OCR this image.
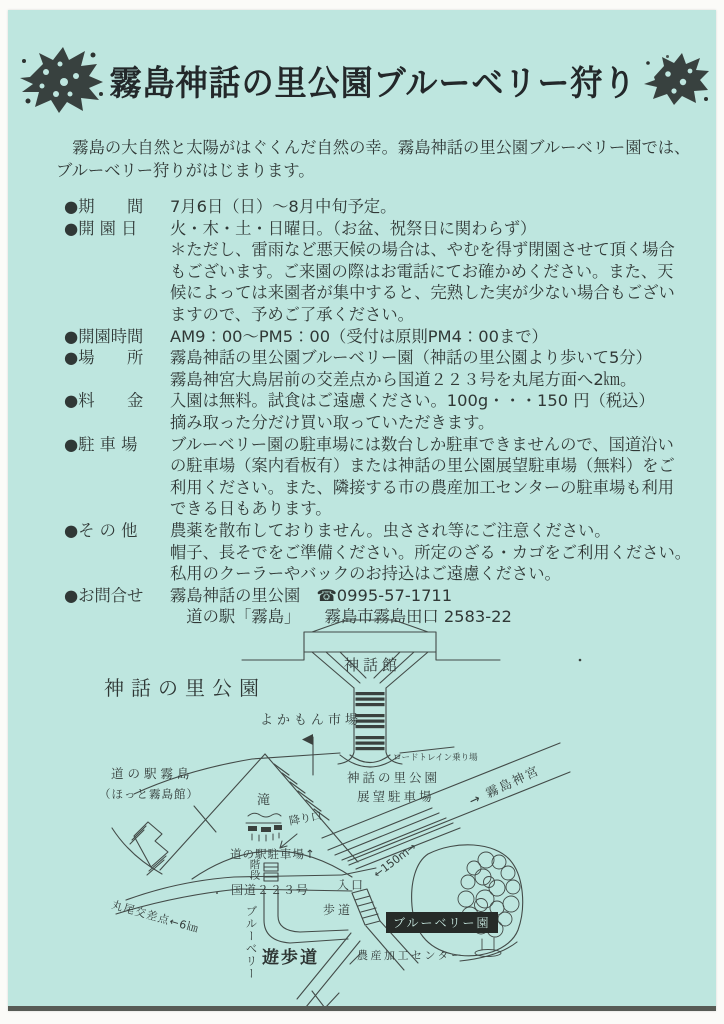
霧島神話の里公園ブルーベリー狩り
　霧島の大自然と太陽がはぐくんだ自然の幸。霧島神話の里公園ブルーベリー園では、
ブルーベリー狩りがはじまります。
●期　　間	7月6日（日）～8月中旬予定。
●開 園 日	火・木・土・日曜日。（お盆、祝祭日に関わらず）
＊ただし、雷雨など悪天候の場合は、やむを得ず閉園させて頂く場合
もございます。ご来園の際はお電話にてお確かめください。また、天
候によっては来園者が集中すると、完熟した実が少ない場合もござい
ますので、予めご了承ください。
●開園時間	AM9：00～PM5：00（受付は原則PM4：00まで）
●場　　所	霧島神話の里公園ブルーベリー園（神話の里公園より歩いて5分）
霧島神宮大鳥居前の交差点から国道２２３号を丸尾方面へ2㎞。
●料　　金	入園は無料。試食はご遠慮ください。100g・・・150 円（税込）
摘み取った分だけ買い取っていただきます。
●駐 車 場	ブルーベリー園の駐車場には数台しか駐車できませんので、国道沿い
の駐車場（案内看板有）または神話の里公園展望駐車場（無料）をご
利用ください。また、隣接する市の農産加工センターの駐車場も利用
できる日もあります。
●そ の 他	農薬を散布しておりません。虫さされ等にご注意ください。
帽子、長そでをご準備ください。所定のざる・カゴをご利用ください。
私用のクーラーやバックのお持込はご遠慮ください。
●お問合せ	霧島神話の里公園　☎0995-57-1711
　道の駅「霧島」　　霧島市霧島田口 2583-22
神話館
神話の里公園
よかもん市場
ロードトレイン乗り場
神話の里公園
展望駐車場	→ 霧島神宮
道の駅霧島
（ほっと霧島館）	滝
降り口
道の駅駐車場↑
階段
国道２２３号 入口
歩道
丸尾交差点←6㎞
←150m→
ブルーベリー 遊歩道
ブルーベリー園
農産加工センター
